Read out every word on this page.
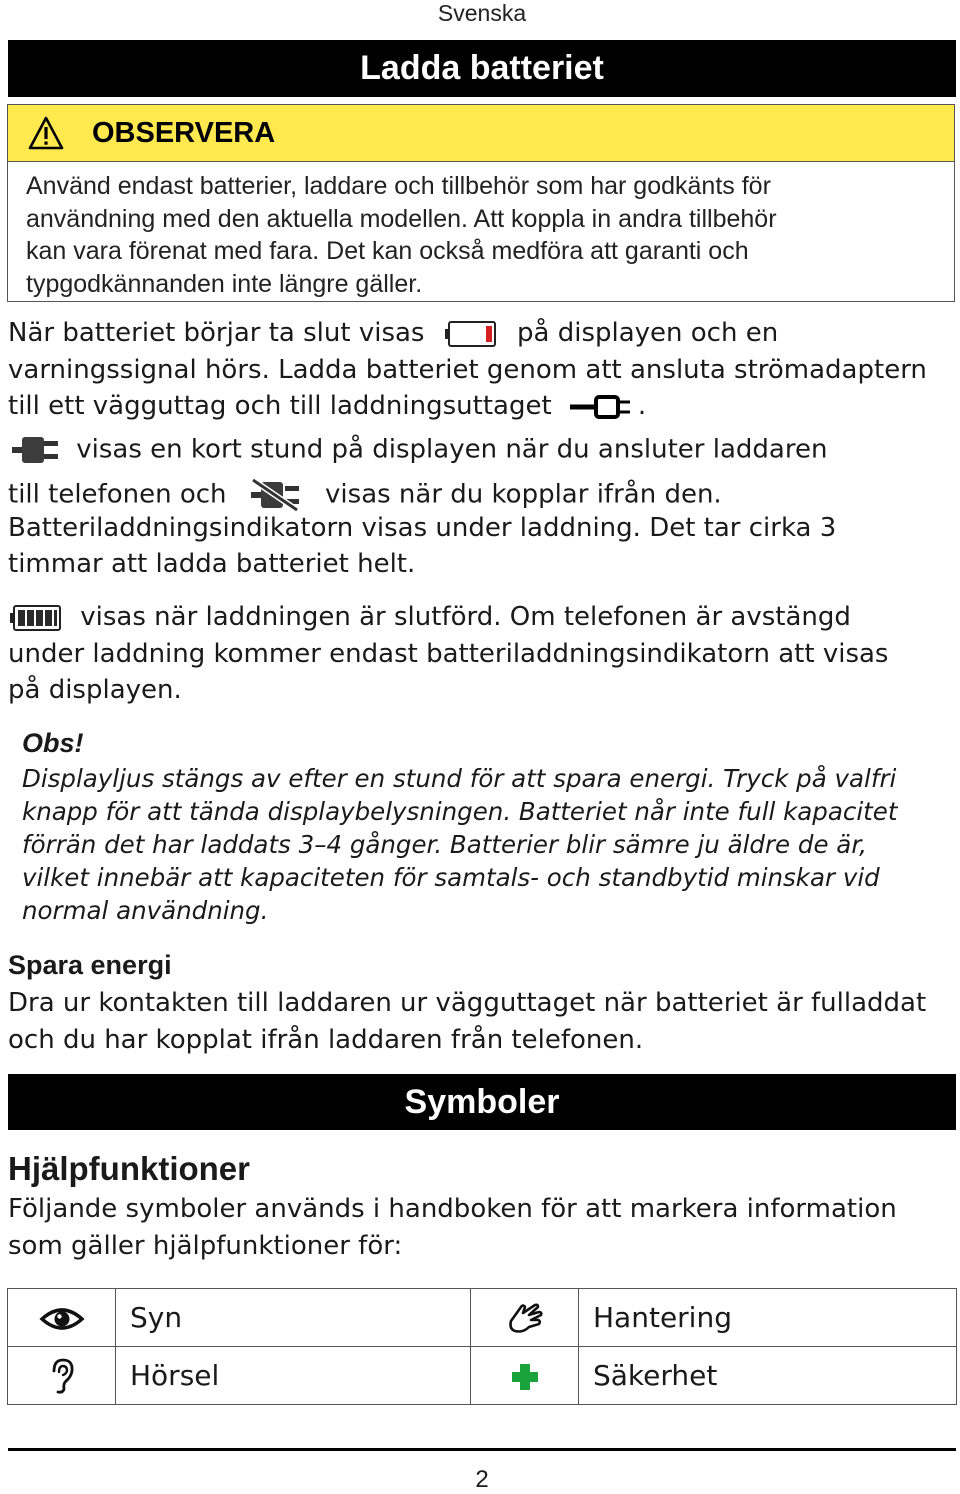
Svenska
Ladda batteriet
OBSERVERA
Använd endast batterier, laddare och tillbehör som har godkänts för
användning med den aktuella modellen. Att koppla in andra tillbehör
kan vara förenat med fara. Det kan också medföra att garanti och
typgodkännanden inte längre gäller.
När batteriet börjar ta slut visas	på displayen och en
varningssignal hörs. Ladda batteriet genom att ansluta strömadaptern
till ett vägguttag och till laddningsuttaget	.
visas en kort stund på displayen när du ansluter laddaren
till telefonen och	visas när du kopplar ifrån den.
Batteriladdningsindikatorn visas under laddning. Det tar cirka 3
timmar att ladda batteriet helt.
visas när laddningen är slutförd. Om telefonen är avstängd
under laddning kommer endast batteriladdningsindikatorn att visas
på displayen.
Obs!
Displayljus stängs av efter en stund för att spara energi. Tryck på valfri
knapp för att tända displaybelysningen. Batteriet når inte full kapacitet
förrän det har laddats 3–4 gånger. Batterier blir sämre ju äldre de är,
vilket innebär att kapaciteten för samtals- och standbytid minskar vid
normal användning.
Spara energi
Dra ur kontakten till laddaren ur vägguttaget när batteriet är fulladdat
och du har kopplat ifrån laddaren från telefonen.
Symboler
Hjälpfunktioner
Följande symboler används i handboken för att markera information
som gäller hjälpfunktioner för:
	Syn		Hantering
	Hörsel		Säkerhet
2
